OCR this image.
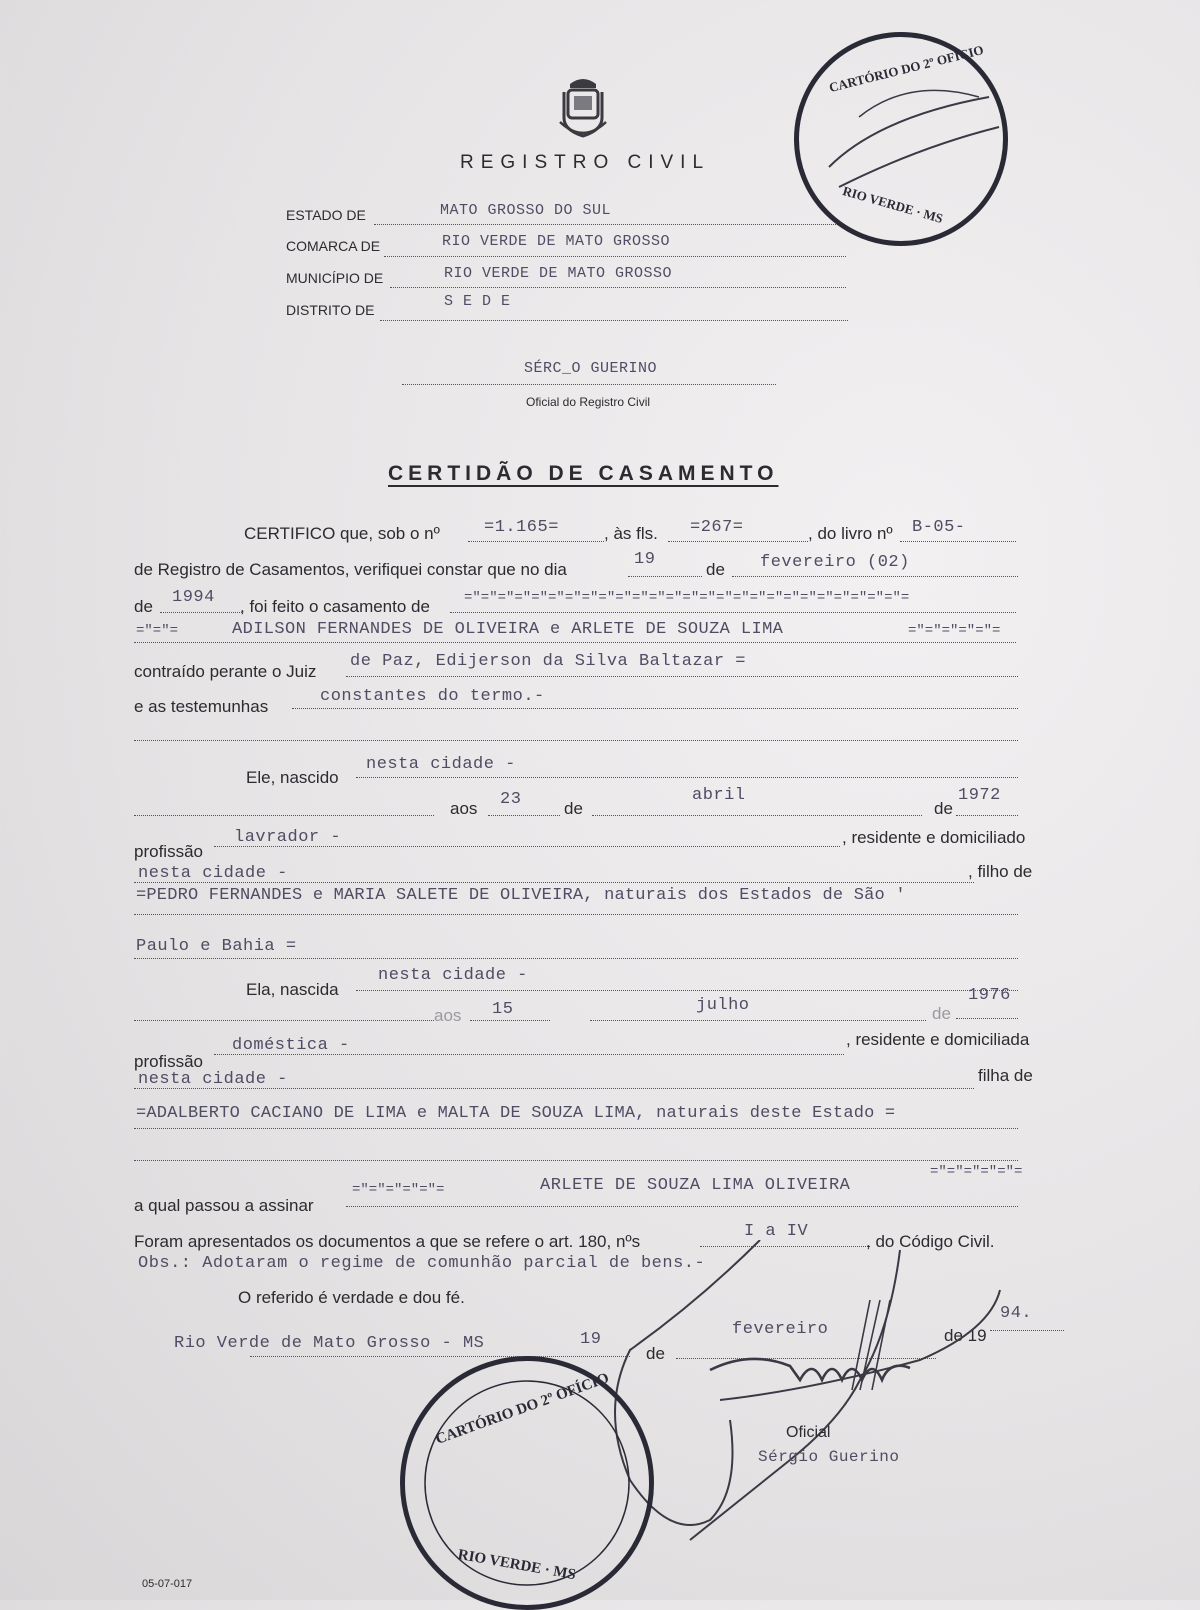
REGISTRO CIVIL
ESTADO DE	MATO GROSSO DO SUL
COMARCA DE	RIO VERDE DE MATO GROSSO
MUNICÍPIO DE	RIO VERDE DE MATO GROSSO
DISTRITO DE	S E D E
SÉRC_O GUERINO
Oficial do Registro Civil
CERTIDÃO DE CASAMENTO
CERTIFICO que, sob o nº	=1.165=	, às fls. =267=	, do livro nº B-05-
de Registro de Casamentos, verifiquei constar que no dia
19
de fevereiro (02)
de 1994 , foi feito o casamento de ="="="="="="="="="="="="="="="="="="="="="="="="="="=
="="=	ADILSON FERNANDES DE OLIVEIRA e ARLETE DE SOUZA LIMA	="="="="="=
contraído perante o Juiz
de Paz, Edijerson da Silva Baltazar =
e as testemunhas
constantes do termo.-
Ele, nascido
nesta cidade -
aos 23	de
abril
de
1972
profissão
lavrador -	, residente e domiciliado
nesta cidade -	, filho de
=PEDRO FERNANDES e MARIA SALETE DE OLIVEIRA, naturais dos Estados de São '
Paulo e Bahia =
Ela, nascida
nesta cidade -
aos 15	julho	de
1976
profissão
doméstica -	, residente e domiciliada
nesta cidade -	filha de
=ADALBERTO CACIANO DE LIMA e MALTA DE SOUZA LIMA, naturais deste Estado =
a qual passou a assinar
="="="="="=	ARLETE DE SOUZA LIMA OLIVEIRA
="="="="="=
Foram apresentados os documentos a que se refere o art. 180, nºs
I a IV
, do Código Civil.
Obs.: Adotaram o regime de comunhão parcial de bens.-
O referido é verdade e dou fé.
Rio Verde de Mato Grosso - MS	19
de
fevereiro	de 19
94.
Oficial
Sérgio Guerino
05-07-017
CARTÓRIO DO 2º OFÍCIO
RIO VERDE · MS
CARTÓRIO DO 2º OFÍCIO
RIO VERDE · MS
